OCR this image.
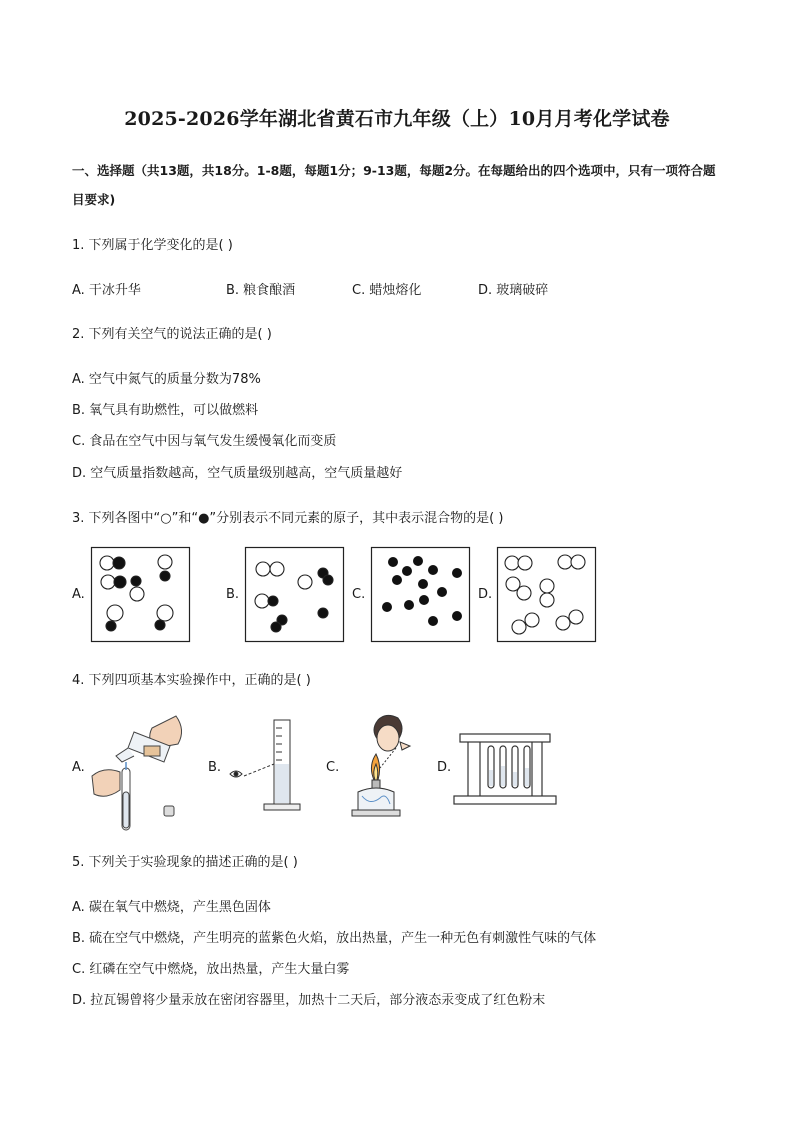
2025-2026学年湖北省黄石市九年级（上）10月月考化学试卷
一、选择题（共13题，共18分。1-8题，每题1分；9-13题，每题2分。在每题给出的四个选项中，只有一项符合题目要求)
1. 下列属于化学变化的是( )
A. 干冰升华	B. 粮食酿酒	C. 蜡烛熔化	D. 玻璃破碎
2. 下列有关空气的说法正确的是( )
A. 空气中氮气的质量分数为78%
B. 氧气具有助燃性，可以做燃料
C. 食品在空气中因与氧气发生缓慢氧化而变质
D. 空气质量指数越高，空气质量级别越高，空气质量越好
3. 下列各图中“○”和“●”分别表示不同元素的原子，其中表示混合物的是( )
A.	B.	C.	D.
4. 下列四项基本实验操作中，正确的是( )
A.	B.	C.	D.
5. 下列关于实验现象的描述正确的是( )
A. 碳在氧气中燃烧，产生黑色固体
B. 硫在空气中燃烧，产生明亮的蓝紫色火焰，放出热量，产生一种无色有刺激性气味的气体
C. 红磷在空气中燃烧，放出热量，产生大量白雾
D. 拉瓦锡曾将少量汞放在密闭容器里，加热十二天后，部分液态汞变成了红色粉末
